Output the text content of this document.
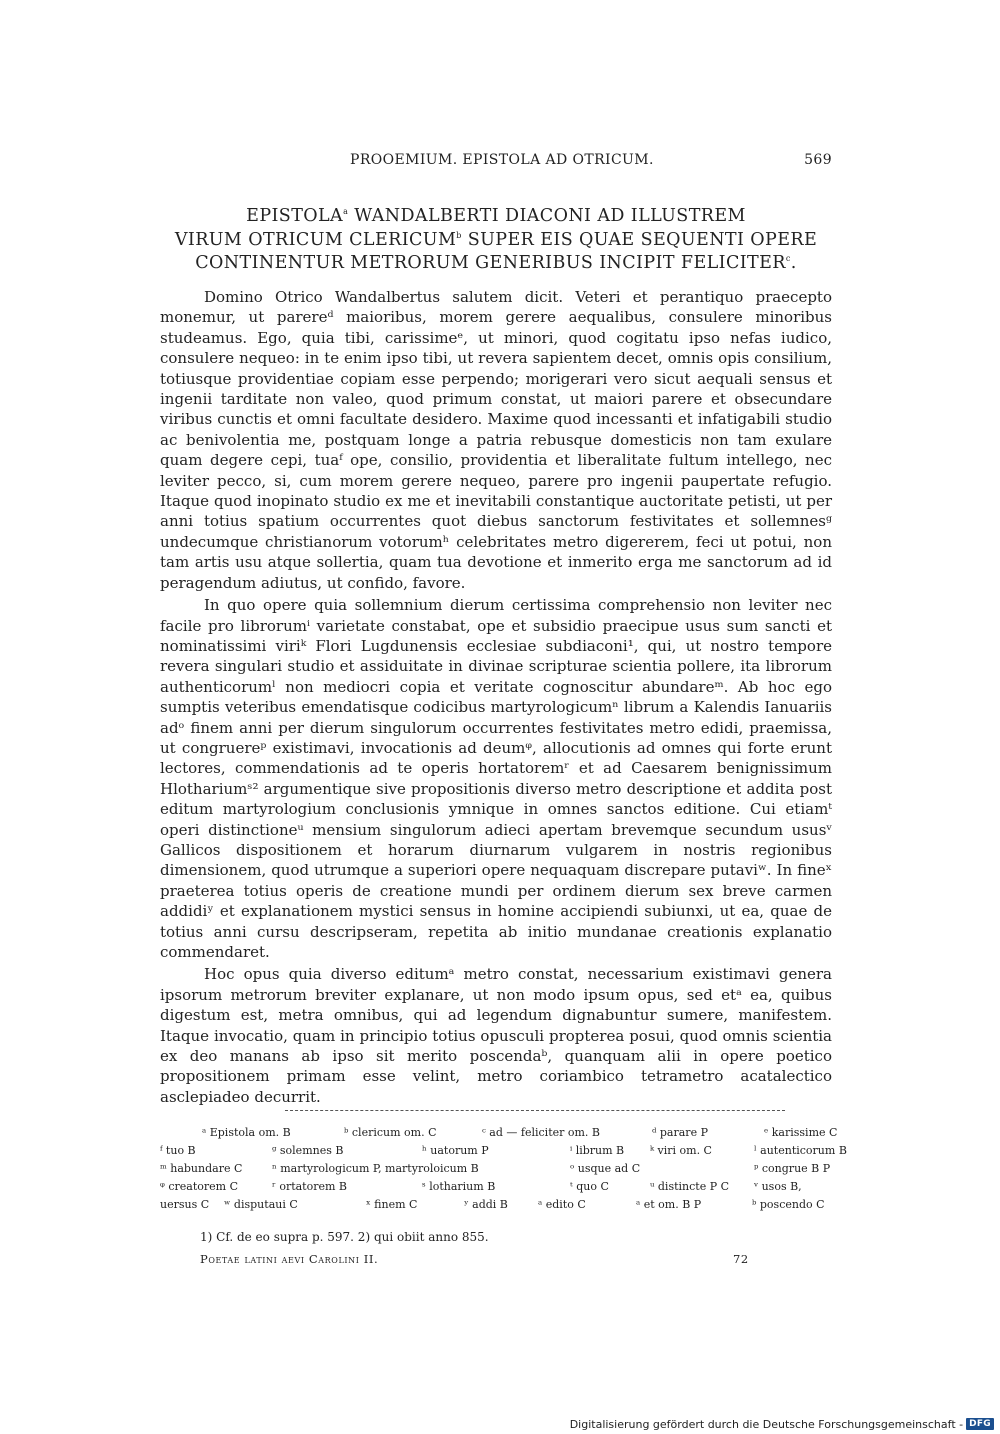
PROOEMIUM. EPISTOLA AD OTRICUM.	569
EPISTOLA$^a$ WANDALBERTI DIACONI AD ILLUSTREM
VIRUM OTRICUM CLERICUM$^b$ SUPER EIS QUAE SEQUENTI OPERE
CONTINENTUR METRORUM GENERIBUS INCIPIT FELICITER$^c$.

Domino Otrico Wandalbertus salutem dicit. Veteri et perantiquo praecepto monemur, ut parereᵈ maioribus, morem gerere aequalibus, consulere minoribus studeamus. Ego, quia tibi, carissimeᵉ, ut minori, quod cogitatu ipso nefas iudico, consulere nequeo: in te enim ipso tibi, ut revera sapientem decet, omnis opis consilium, totiusque providentiae copiam esse perpendo; morigerari vero sicut aequali sensus et ingenii tarditate non valeo, quod primum constat, ut maiori parere et obsecundare viribus cunctis et omni facultate desidero. Maxime quod incessanti et infatigabili studio ac benivolentia me, postquam longe a patria rebusque domesticis non tam exulare quam degere cepi, tuaᶠ ope, consilio, providentia et liberalitate fultum intellego, nec leviter pecco, si, cum morem gerere nequeo, parere pro ingenii paupertate refugio. Itaque quod inopinato studio ex me et inevitabili constantique auctoritate petisti, ut per anni totius spatium occurrentes quot diebus sanctorum festivitates et sollemnesᵍ undecumque christianorum votorumʰ celebritates metro digererem, feci ut potui, non tam artis usu atque sollertia, quam tua devotione et inmerito erga me sanctorum ad id peragendum adiutus, ut confido, favore.

In quo opere quia sollemnium dierum certissima comprehensio non leviter nec facile pro librorumⁱ varietate constabat, ope et subsidio praecipue usus sum sancti et nominatissimi viriᵏ Flori Lugdunensis ecclesiae subdiaconi¹, qui, ut nostro tempore revera singulari studio et assiduitate in divinae scripturae scientia pollere, ita librorum authenticorumˡ non mediocri copia et veritate cognoscitur abundareᵐ. Ab hoc ego sumptis veteribus emendatisque codicibus martyrologicumⁿ librum a Kalendis Ianuariis adᵒ finem anni per dierum singulorum occurrentes festivitates metro edidi, praemissa, ut congruereᵖ existimavi, invocationis ad deumᵠ, allocutionis ad omnes qui forte erunt lectores, commendationis ad te operis hortatoremʳ et ad Caesarem benignissimum Hlothariumˢ² argumentique sive propositionis diverso metro descriptione et addita post editum martyrologium conclusionis ymnique in omnes sanctos editione. Cui etiamᵗ operi distinctioneᵘ mensium singulorum adieci apertam brevemque secundum ususᵛ Gallicos dispositionem et horarum diurnarum vulgarem in nostris regionibus dimensionem, quod utrumque a superiori opere nequaquam discrepare putaviʷ. In fineˣ praeterea totius operis de creatione mundi per ordinem dierum sex breve carmen addidiʸ et explanationem mystici sensus in homine accipiendi subiunxi, ut ea, quae de totius anni cursu descripseram, repetita ab initio mundanae creationis explanatio commendaret.

Hoc opus quia diverso editumᵃ metro constat, necessarium existimavi genera ipsorum metrorum breviter explanare, ut non modo ipsum opus, sed etᵃ ea, quibus digestum est, metra omnibus, qui ad legendum dignabuntur sumere, manifestem. Itaque invocatio, quam in principio totius opusculi propterea posui, quod omnis scientia ex deo manans ab ipso sit merito poscendaᵇ, quanquam alii in opere poetico propositionem primam esse velint, metro coriambico tetrametro acatalectico asclepiadeo decurrit.

ᵃ Epistola om. B	ᵇ clericum om. C	ᶜ ad — feliciter om. B	ᵈ parare P	ᵉ karissime C
ᶠ tuo B	ᵍ solemnes B	ʰ uatorum P	ⁱ librum B ᵏ viri om. C	ˡ autenticorum B
ᵐ habundare C	ⁿ martyrologicum P, martyroloicum B	ᵒ usque ad C	ᵖ congrue B P
ᵠ creatorem C	ʳ ortatorem B	ˢ lotharium B	ᵗ quo C	ᵘ distincte P C ᵛ usos B,
uersus C ʷ disputaui C	ˣ finem C	ʸ addi B	ᵃ edito C	ᵃ et om. B P	ᵇ poscendo C
1) Cf. de eo supra p. 597. 2) qui obiit anno 855.
Poetae latini aevi Carolini II.	72
Digitalisierung gefördert durch die Deutsche Forschungsgemeinschaft - DFG
